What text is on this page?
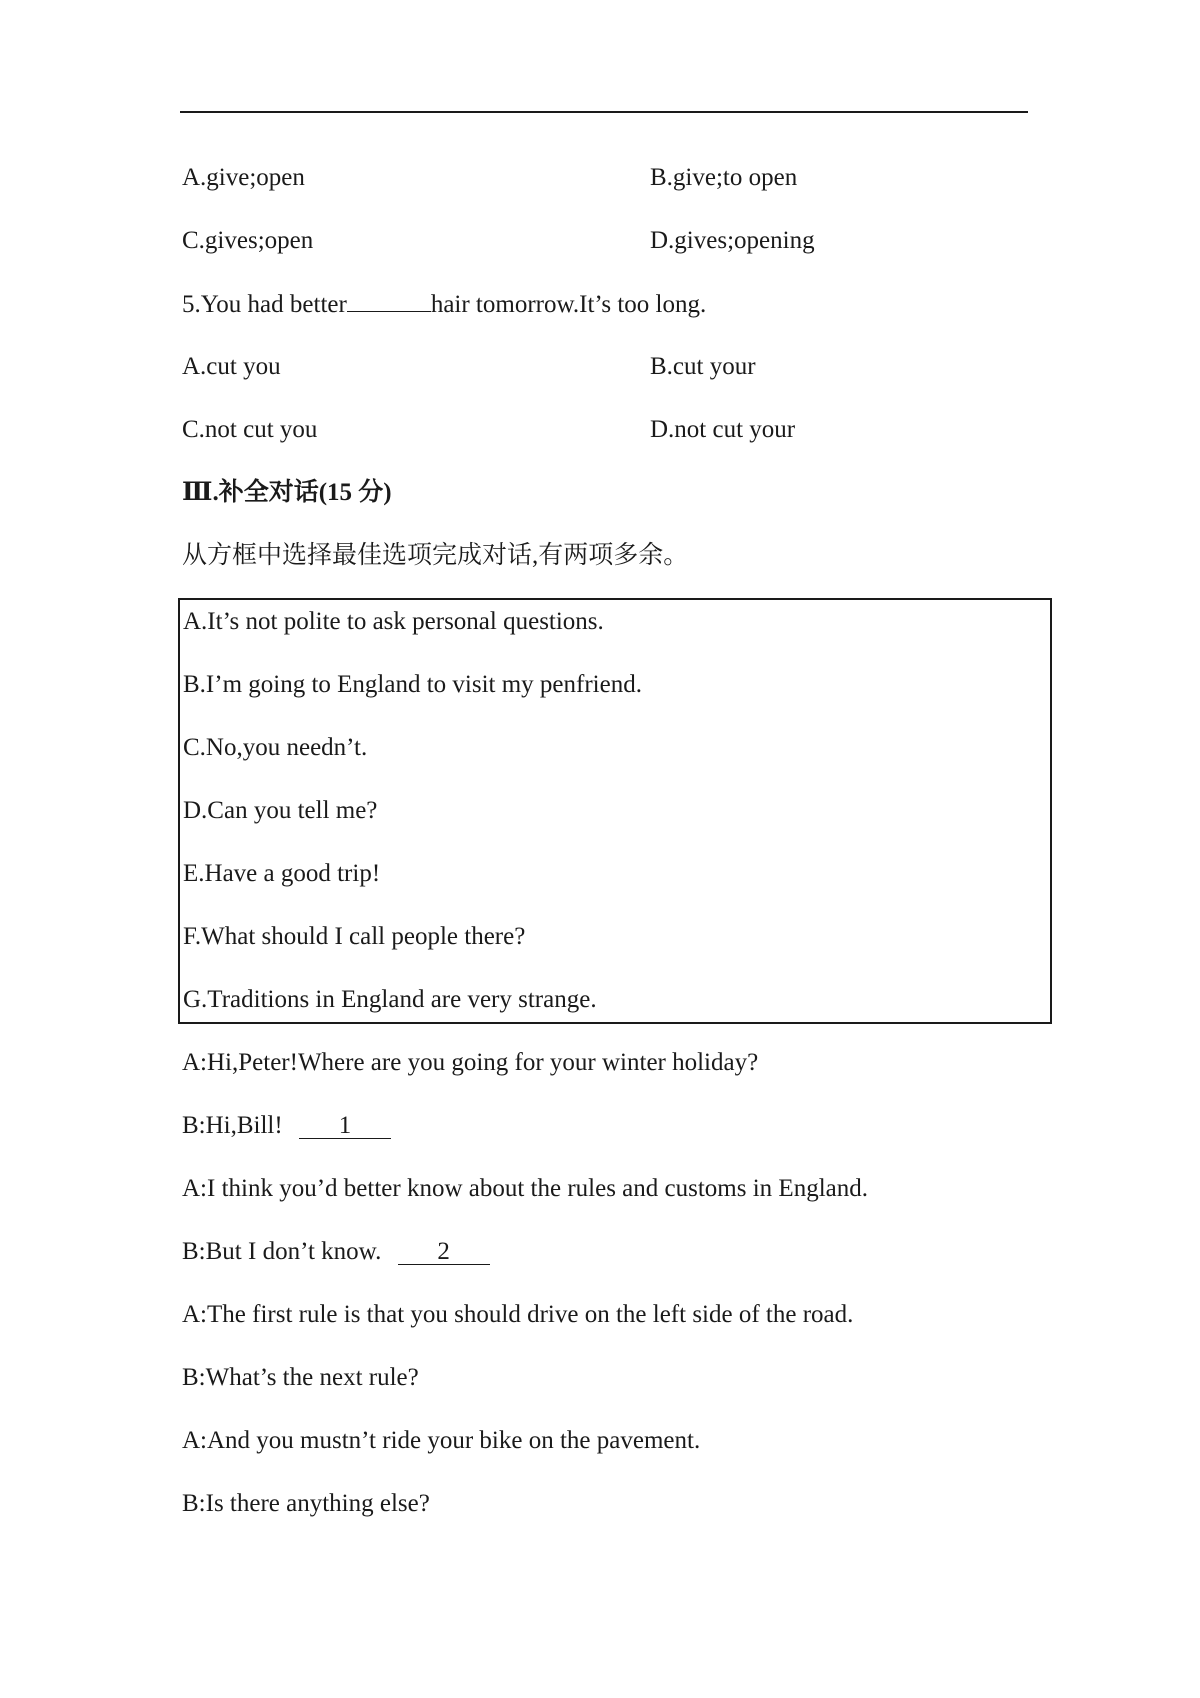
A.give;open	B.give;to open
C.gives;open	D.gives;opening
5.You had better	hair tomorrow.It’s too long.
A.cut you	B.cut your
C.not cut you	D.not cut your
Ⅲ.补全对话(15 分)
从方框中选择最佳选项完成对话,有两项多余。
A.It’s not polite to ask personal questions.
B.I’m going to England to visit my penfriend.
C.No,you needn’t.
D.Can you tell me?
E.Have a good trip!
F.What should I call people there?
G.Traditions in England are very strange.
A:Hi,Peter!Where are you going for your winter holiday?
B:Hi,Bill! 1
A:I think you’d better know about the rules and customs in England.
B:But I don’t know. 2
A:The first rule is that you should drive on the left side of the road.
B:What’s the next rule?
A:And you mustn’t ride your bike on the pavement.
B:Is there anything else?
